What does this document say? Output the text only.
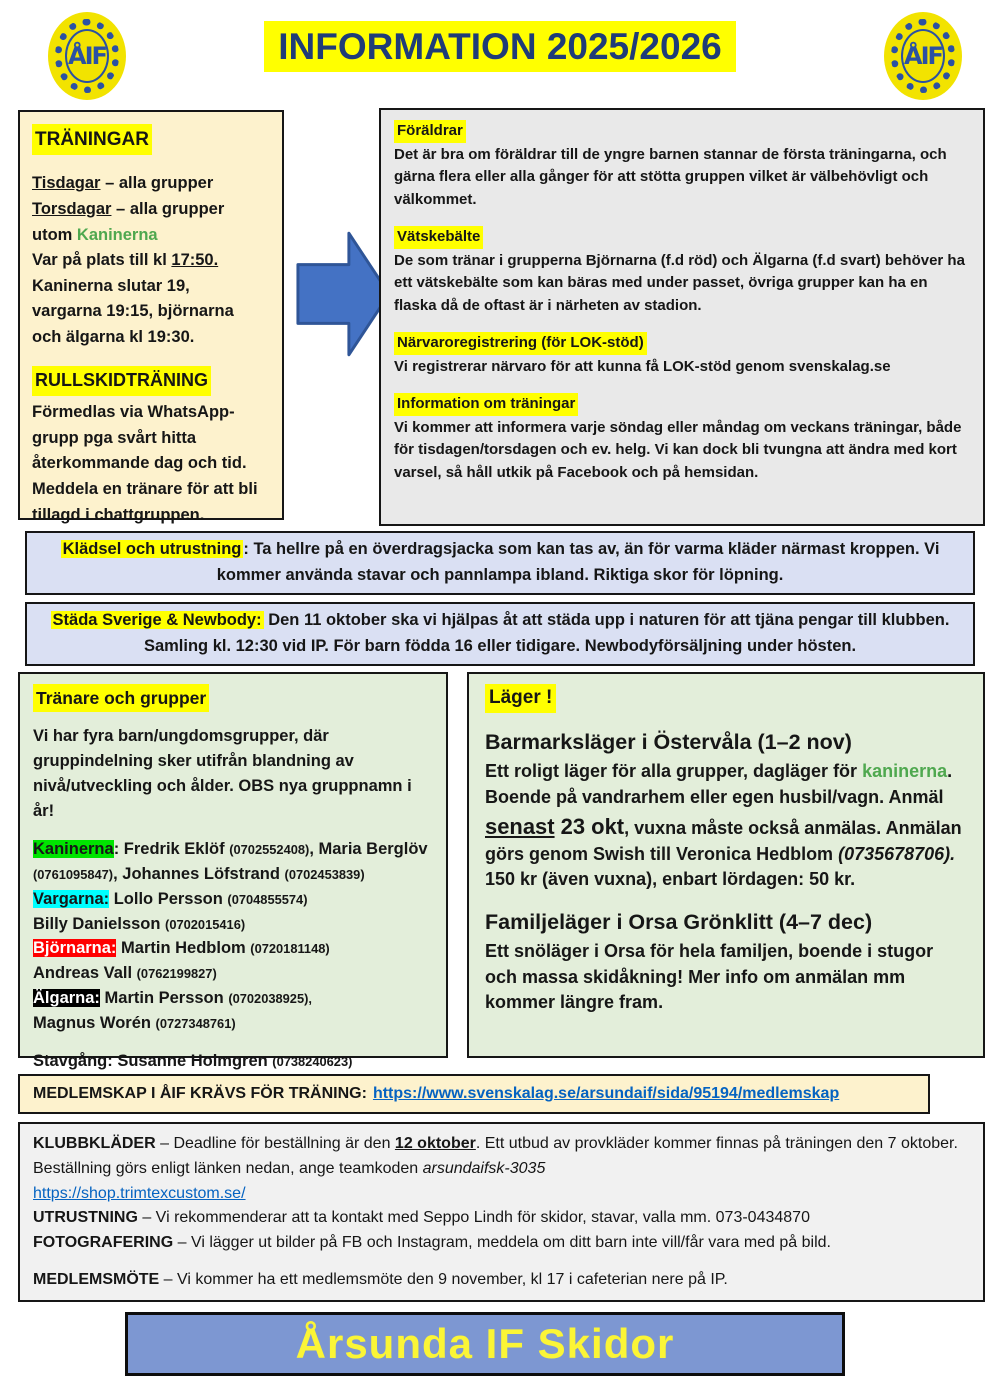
ÅIF	INFORMATION 2025/2026	ÅIF
TRÄNINGAR

Tisdagar – alla grupper
Torsdagar – alla grupper
utom Kaninerna
Var på plats till kl 17:50.
Kaninerna slutar 19,
vargarna 19:15, björnarna
och älgarna kl 19:30.
RULLSKIDTRÄNING
Förmedlas via WhatsApp-grupp pga svårt hitta återkommande dag och tid. Meddela en tränare för att bli tillagd i chattgruppen.
Föräldrar
Det är bra om föräldrar till de yngre barnen stannar de första träningarna, och gärna flera eller alla gånger för att stötta gruppen vilket är välbehövligt och välkommet.
Vätskebälte
De som tränar i grupperna Björnarna (f.d röd) och Älgarna (f.d svart) behöver ha ett vätskebälte som kan bäras med under passet, övriga grupper kan ha en flaska då de oftast är i närheten av stadion.
Närvaroregistrering (för LOK-stöd)
Vi registrerar närvaro för att kunna få LOK-stöd genom svenskalag.se
Information om träningar
Vi kommer att informera varje söndag eller måndag om veckans träningar, både för tisdagen/torsdagen och ev. helg. Vi kan dock bli tvungna att ändra med kort varsel, så håll utkik på Facebook och på hemsidan.
Klädsel och utrustning : Ta hellre på en överdragsjacka som kan tas av, än för varma kläder närmast kroppen. Vi kommer använda stavar och pannlampa ibland. Riktiga skor för löpning.
Städa Sverige & Newbody: Den 11 oktober ska vi hjälpas åt att städa upp i naturen för att tjäna pengar till klubben. Samling kl. 12:30 vid IP. För barn födda 16 eller tidigare. Newbodyförsäljning under hösten.
Tränare och grupper
Vi har fyra barn/ungdomsgrupper, där gruppindelning sker utifrån blandning av nivå/utveckling och ålder. OBS nya gruppnamn i år!

Kaninerna: Fredrik Eklöf (0702552408), Maria Berglöv (0761095847), Johannes Löfstrand (0702453839)

Vargarna: Lollo Persson (0704855574)
Billy Danielsson (0702015416)

Björnarna: Martin Hedblom (0720181148)
Andreas Vall (0762199827)

Älgarna: Martin Persson (0702038925),
Magnus Worén (0727348761)

Stavgång: Susanne Holmgren (0738240623)

Läger !
Barmarksläger i Östervåla (1–2 nov)
Ett roligt läger för alla grupper, dagläger för kaninerna. Boende på vandrarhem eller egen husbil/vagn. Anmäl senast 23 okt, vuxna måste också anmälas. Anmälan görs genom Swish till Veronica Hedblom (0735678706). 150 kr (även vuxna), enbart lördagen: 50 kr.
Familjeläger i Orsa Grönklitt (4–7 dec)
Ett snöläger i Orsa för hela familjen, boende i stugor och massa skidåkning! Mer info om anmälan mm kommer längre fram.
MEDLEMSKAP I ÅIF KRÄVS FÖR TRÄNING: https://www.svenskalag.se/arsundaif/sida/95194/medlemskap
KLUBBKLÄDER – Deadline för beställning är den 12 oktober. Ett utbud av provkläder kommer finnas på träningen den 7 oktober. Beställning görs enligt länken nedan, ange teamkoden arsundaifsk-3035
https://shop.trimtexcustom.se/
UTRUSTNING – Vi rekommenderar att ta kontakt med Seppo Lindh för skidor, stavar, valla mm. 073-0434870
FOTOGRAFERING – Vi lägger ut bilder på FB och Instagram, meddela om ditt barn inte vill/får vara med på bild.
MEDLEMSMÖTE – Vi kommer ha ett medlemsmöte den 9 november, kl 17 i cafeterian nere på IP.
Årsunda IF Skidor
